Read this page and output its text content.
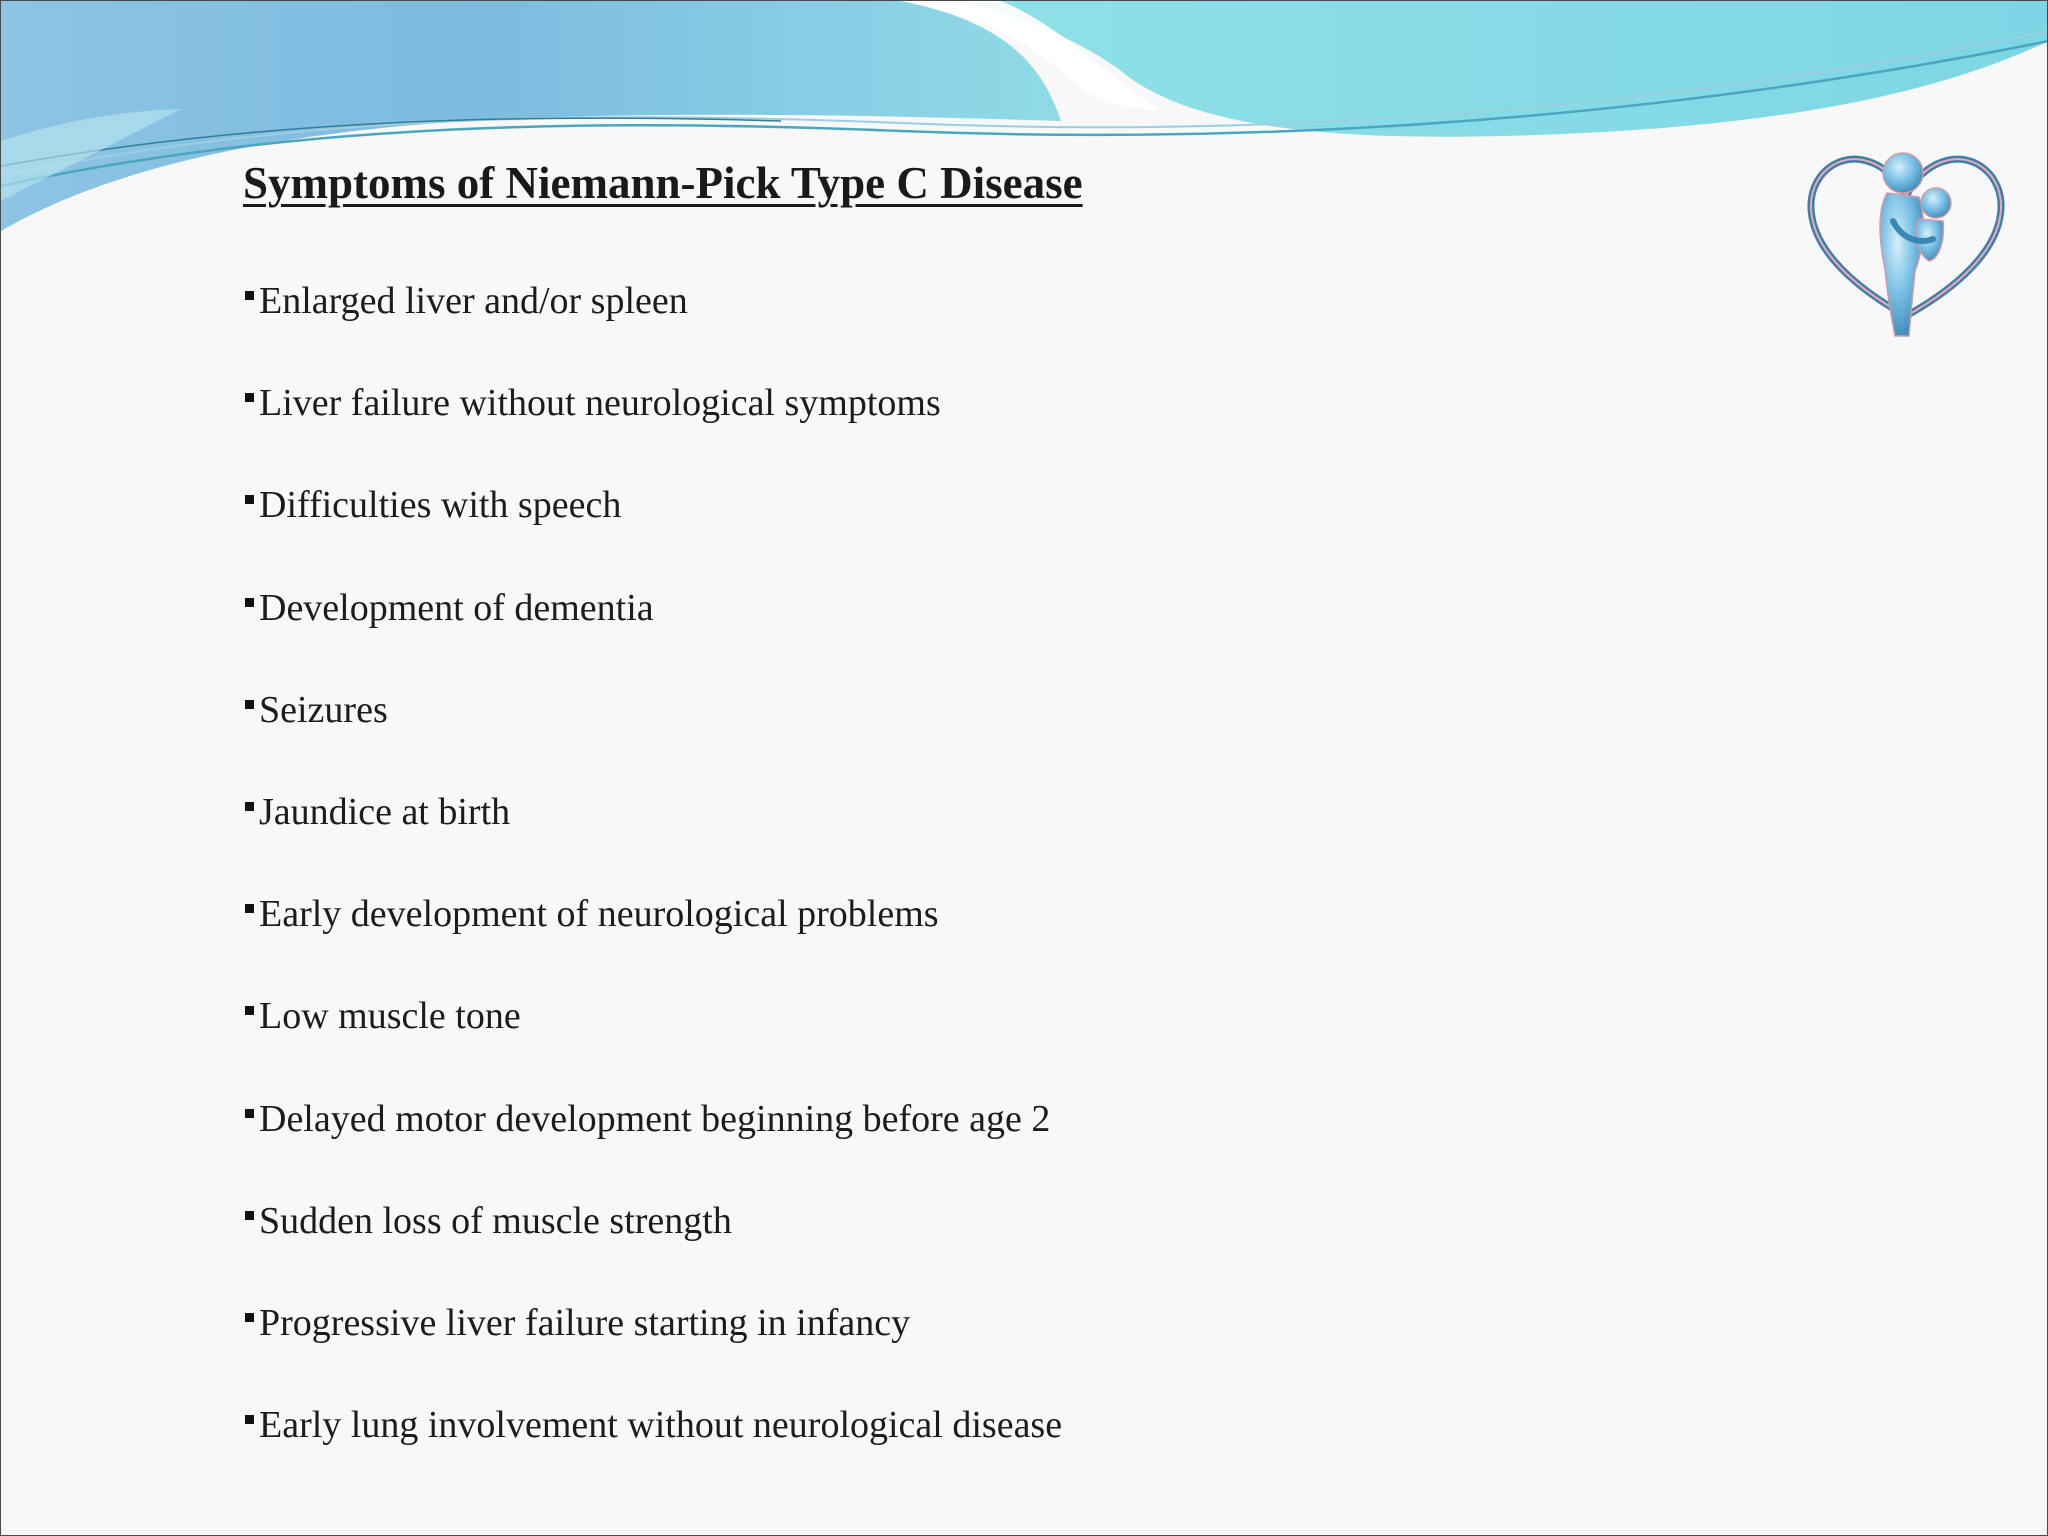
Symptoms of Niemann-Pick Type C Disease
Enlarged liver and/or spleen
Liver failure without neurological symptoms
Difficulties with speech
Development of dementia
Seizures
Jaundice at birth
Early development of neurological problems
Low muscle tone
Delayed motor development beginning before age 2
Sudden loss of muscle strength
Progressive liver failure starting in infancy
Early lung involvement without neurological disease
